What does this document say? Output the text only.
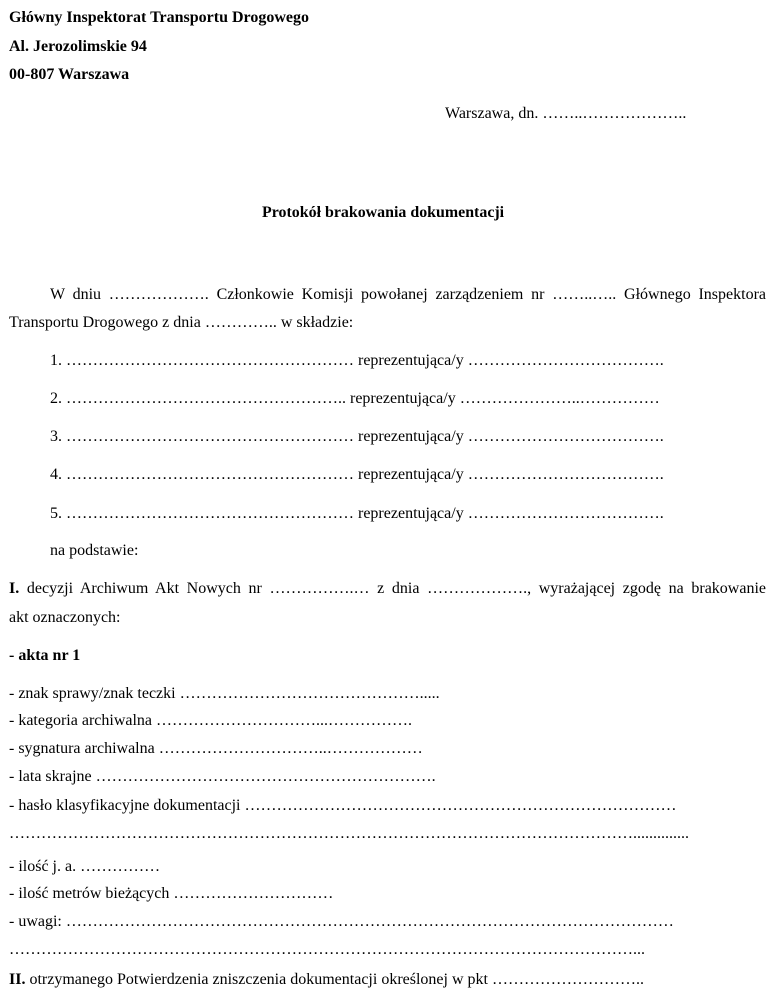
Główny Inspektorat Transportu Drogowego
Al. Jerozolimskie 94
00-807 Warszawa
Warszawa, dn. ……..………………..
Protokół brakowania dokumentacji
W dniu ………………. Członkowie Komisji powołanej zarządzeniem nr ……..….. Głównego Inspektora
Transportu Drogowego z dnia ………….. w składzie:
1. ……………………………………………… reprezentująca/y ……………………………….
2. …………………………………………….. reprezentująca/y …………………..……………
3. ……………………………………………… reprezentująca/y ……………………………….
4. ……………………………………………… reprezentująca/y ……………………………….
5. ……………………………………………… reprezentująca/y ……………………………….
na podstawie:
I. decyzji Archiwum Akt Nowych nr …………….… z dnia ………………., wyrażającej zgodę na brakowanie
akt oznaczonych:
- akta nr 1
- znak sprawy/znak teczki ……………………………………….....
- kategoria archiwalna …………………………...…………….
- sygnatura archiwalna …………………………..………………
- lata skrajne ……………………………………………………….
- hasło klasyfikacyjne dokumentacji ………………………………………………………………………
………………………………………………………………………………………………………..............
- ilość j. a. ……………
- ilość metrów bieżących …………………………
- uwagi: ……………………………………………………………………………………………………
………………………………………………………………………………………………………...
II. otrzymanego Potwierdzenia zniszczenia dokumentacji określonej w pkt ………………………..
